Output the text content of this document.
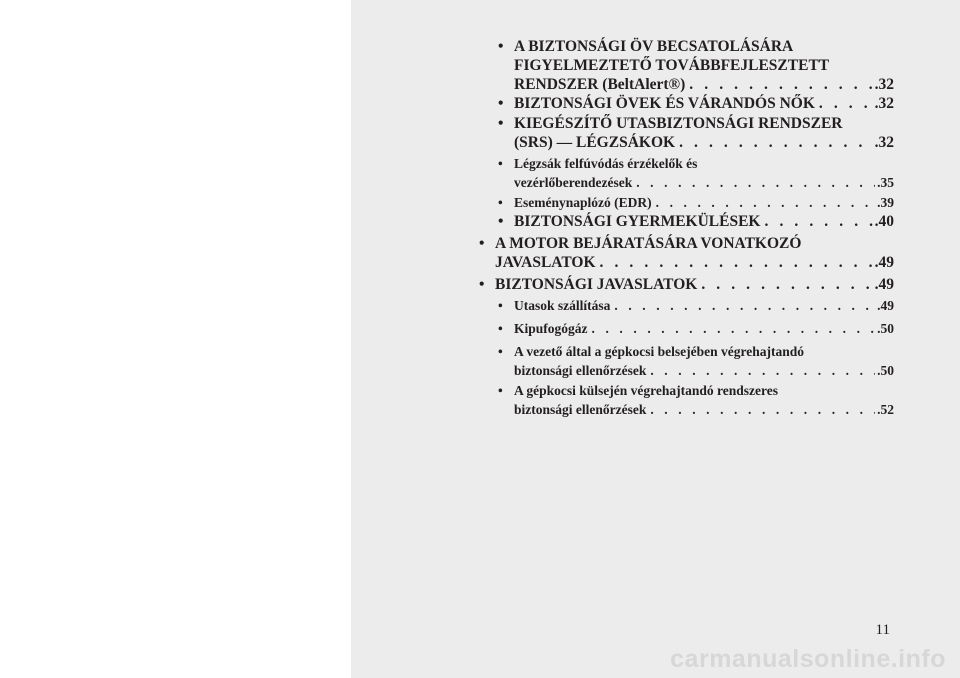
• A BIZTONSÁGI ÖV BECSATOLÁSÁRA
FIGYELMEZTETŐ TOVÁBBFEJLESZTETT
RENDSZER (BeltAlert®) . . .	.32
• BIZTONSÁGI ÖVEK ÉS VÁRANDÓS NŐK . . .	.32
• KIEGÉSZÍTŐ UTASBIZTONSÁGI RENDSZER
(SRS) — LÉGZSÁKOK . . .	.32
• Légzsák felfúvódás érzékelők és
vezérlőberendezések . . .	.35
• Eseménynaplózó (EDR) . . .	.39
• BIZTONSÁGI GYERMEKÜLÉSEK . . .	.40
• A MOTOR BEJÁRATÁSÁRA VONATKOZÓ
JAVASLATOK . . .	.49
• BIZTONSÁGI JAVASLATOK . . .	.49
• Utasok szállítása . . .	.49
• Kipufogógáz . . .	.50
• A vezető által a gépkocsi belsejében végrehajtandó
biztonsági ellenőrzések . . .	.50
• A gépkocsi külsején végrehajtandó rendszeres
biztonsági ellenőrzések . . .	.52
11
carmanualsonline.info
